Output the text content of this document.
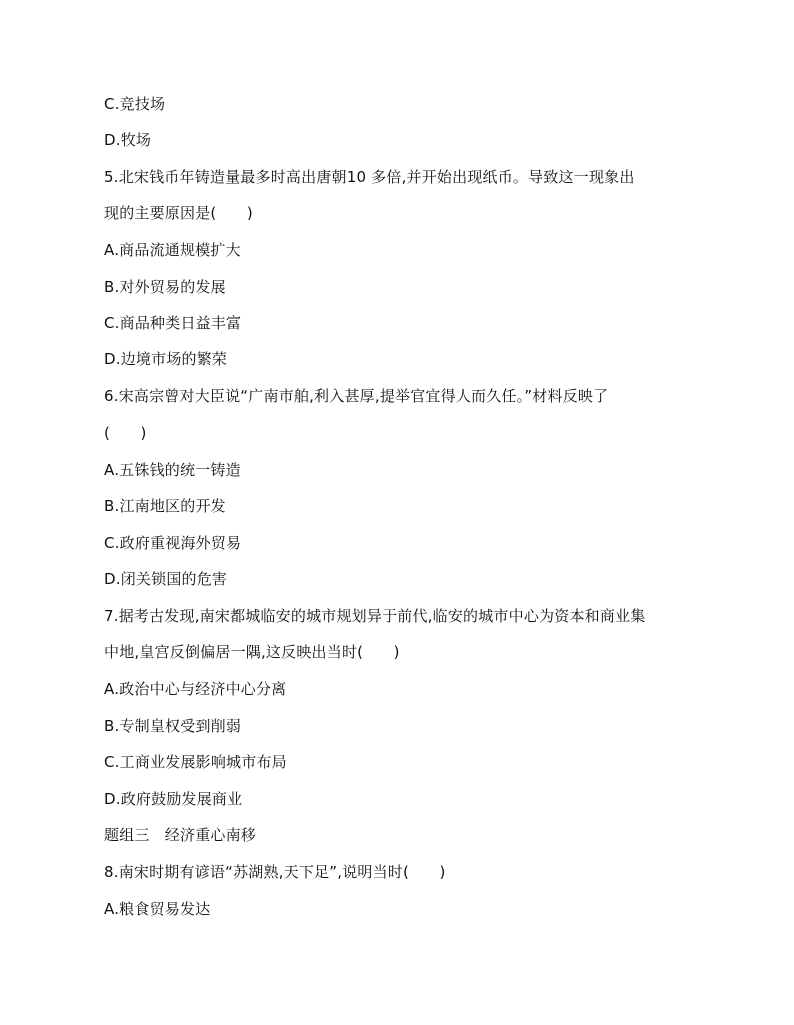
C.竞技场
D.牧场
5.北宋钱币年铸造量最多时高出唐朝10 多倍,并开始出现纸币。导致这一现象出
现的主要原因是(　　)
A.商品流通规模扩大
B.对外贸易的发展
C.商品种类日益丰富
D.边境市场的繁荣
6.宋高宗曾对大臣说“广南市舶,利入甚厚,提举官宜得人而久任。”材料反映了
(　　)
A.五铢钱的统一铸造
B.江南地区的开发
C.政府重视海外贸易
D.闭关锁国的危害
7.据考古发现,南宋都城临安的城市规划异于前代,临安的城市中心为资本和商业集
中地,皇宫反倒偏居一隅,这反映出当时(　　)
A.政治中心与经济中心分离
B.专制皇权受到削弱
C.工商业发展影响城市布局
D.政府鼓励发展商业
题组三　经济重心南移
8.南宋时期有谚语“苏湖熟,天下足”,说明当时(　　)
A.粮食贸易发达
